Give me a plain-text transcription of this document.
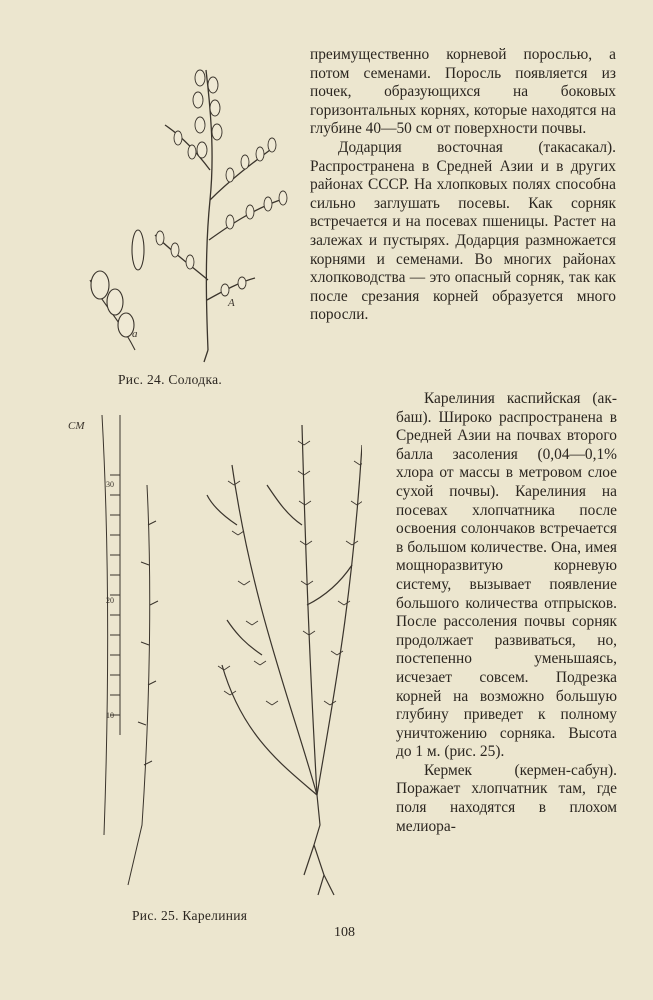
преимущественно корневой порослью, а потом семенами. Поросль появляется из почек, образующихся на боковых горизонтальных корнях, которые находятся на глубине 40—50 см от поверхности почвы.

Додарция восточная (такасакал). Распространена в Средней Азии и в других районах СССР. На хлопковых полях способна сильно заглушать посевы. Как сорняк встречается и на посевах пшеницы. Растет на залежах и пустырях. Додарция размножается корнями и семенами. Во многих районах хлопководства — это опасный сорняк, так как после срезания корней образуется много поросли.

a
A
Рис. 24. Солодка.

Карелиния каспийская (ак-баш). Широко распространена в Средней Азии на почвах второго балла засоления (0,04—0,1% хлора от массы в метровом слое сухой почвы). Карелиния на посевах хлопчатника после освоения солончаков встречается в большом количестве. Она, имея мощноразвитую корневую систему, вызывает появление большого количества отпрысков. После рассоления почвы сорняк продолжает развиваться, но, постепенно уменьшаясь, исчезает совсем. Подрезка корней на возможно большую глубину приведет к полному уничтожению сорняка. Высота до 1 м. (рис. 25).

Кермек (кермен-сабун). Поражает хлопчатник там, где поля находятся в плохом мелиора-

СМ
30
20
10
Рис. 25. Карелиния
108
